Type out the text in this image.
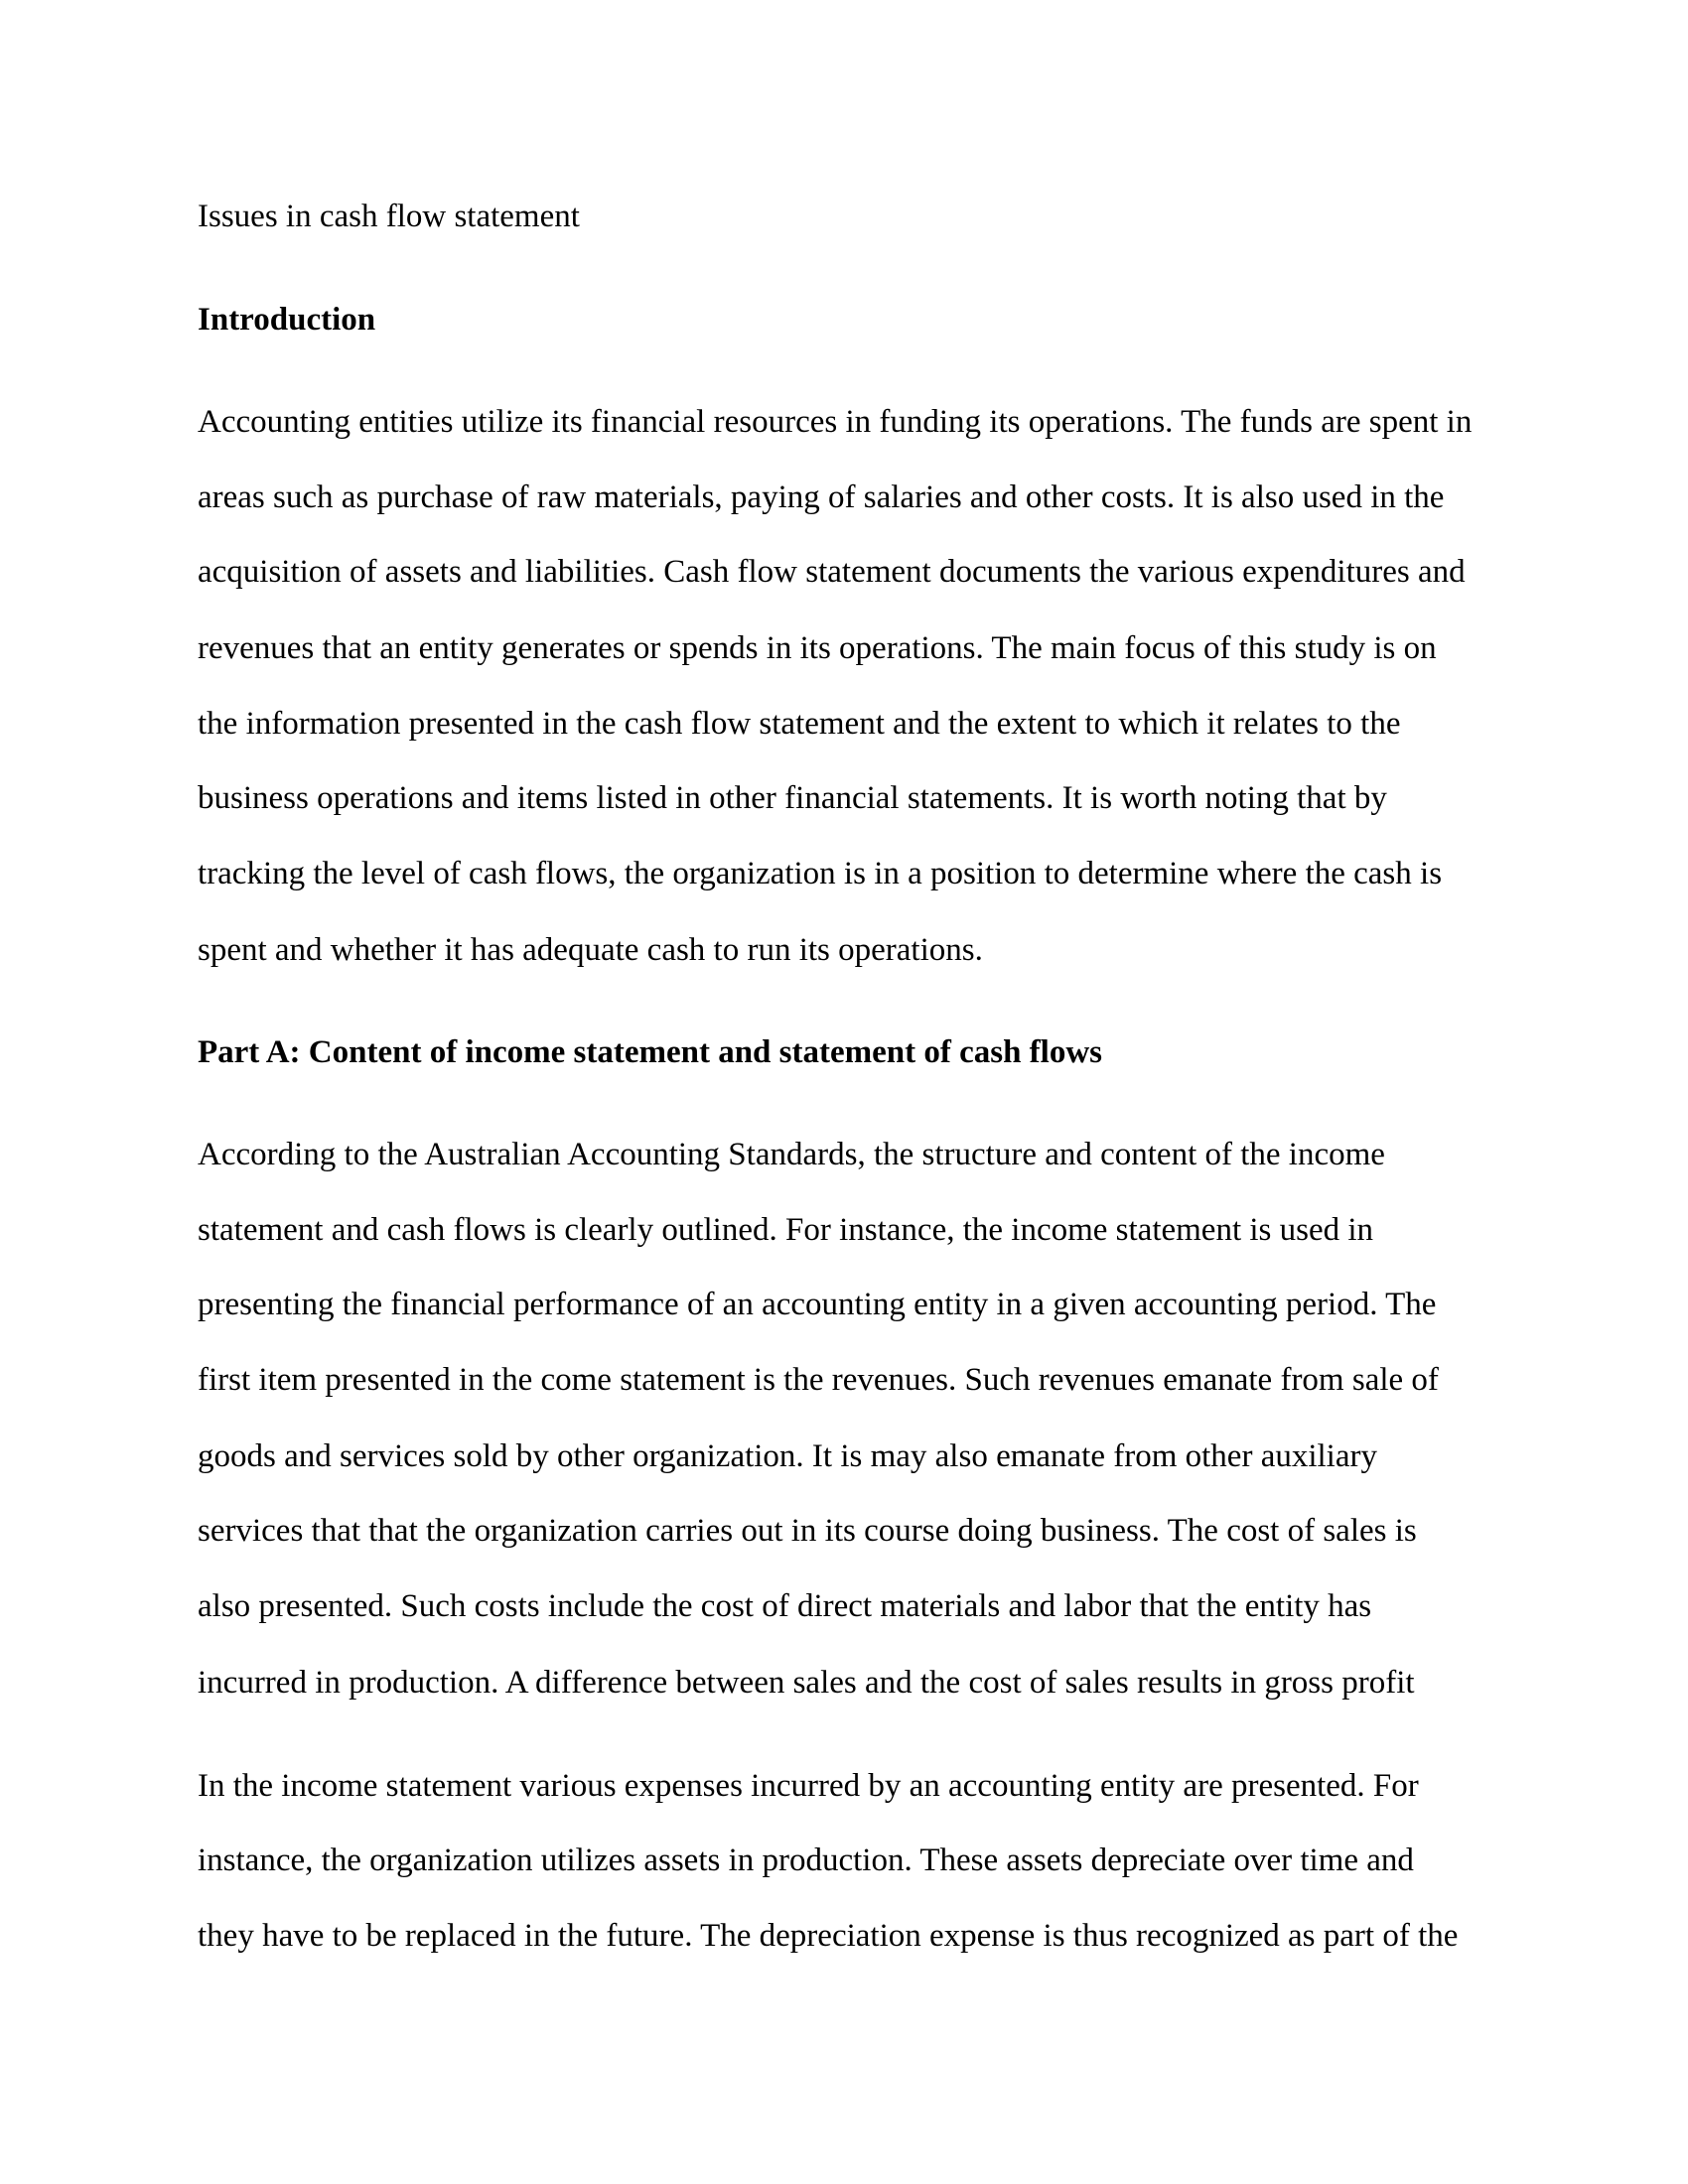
Issues in cash flow statement
Introduction
Accounting entities utilize its financial resources in funding its operations. The funds are spent in
areas such as purchase of raw materials, paying of salaries and other costs. It is also used in the
acquisition of assets and liabilities. Cash flow statement documents the various expenditures and
revenues that an entity generates or spends in its operations. The main focus of this study is on
the information presented in the cash flow statement and the extent to which it relates to the
business operations and items listed in other financial statements. It is worth noting that by
tracking the level of cash flows, the organization is in a position to determine where the cash is
spent and whether it has adequate cash to run its operations.
Part A: Content of income statement and statement of cash flows
According to the Australian Accounting Standards, the structure and content of the income
statement and cash flows is clearly outlined. For instance, the income statement is used in
presenting the financial performance of an accounting entity in a given accounting period. The
first item presented in the come statement is the revenues. Such revenues emanate from sale of
goods and services sold by other organization. It is may also emanate from other auxiliary
services that that the organization carries out in its course doing business. The cost of sales is
also presented. Such costs include the cost of direct materials and labor that the entity has
incurred in production. A difference between sales and the cost of sales results in gross profit
In the income statement various expenses incurred by an accounting entity are presented. For
instance, the organization utilizes assets in production. These assets depreciate over time and
they have to be replaced in the future. The depreciation expense is thus recognized as part of the
